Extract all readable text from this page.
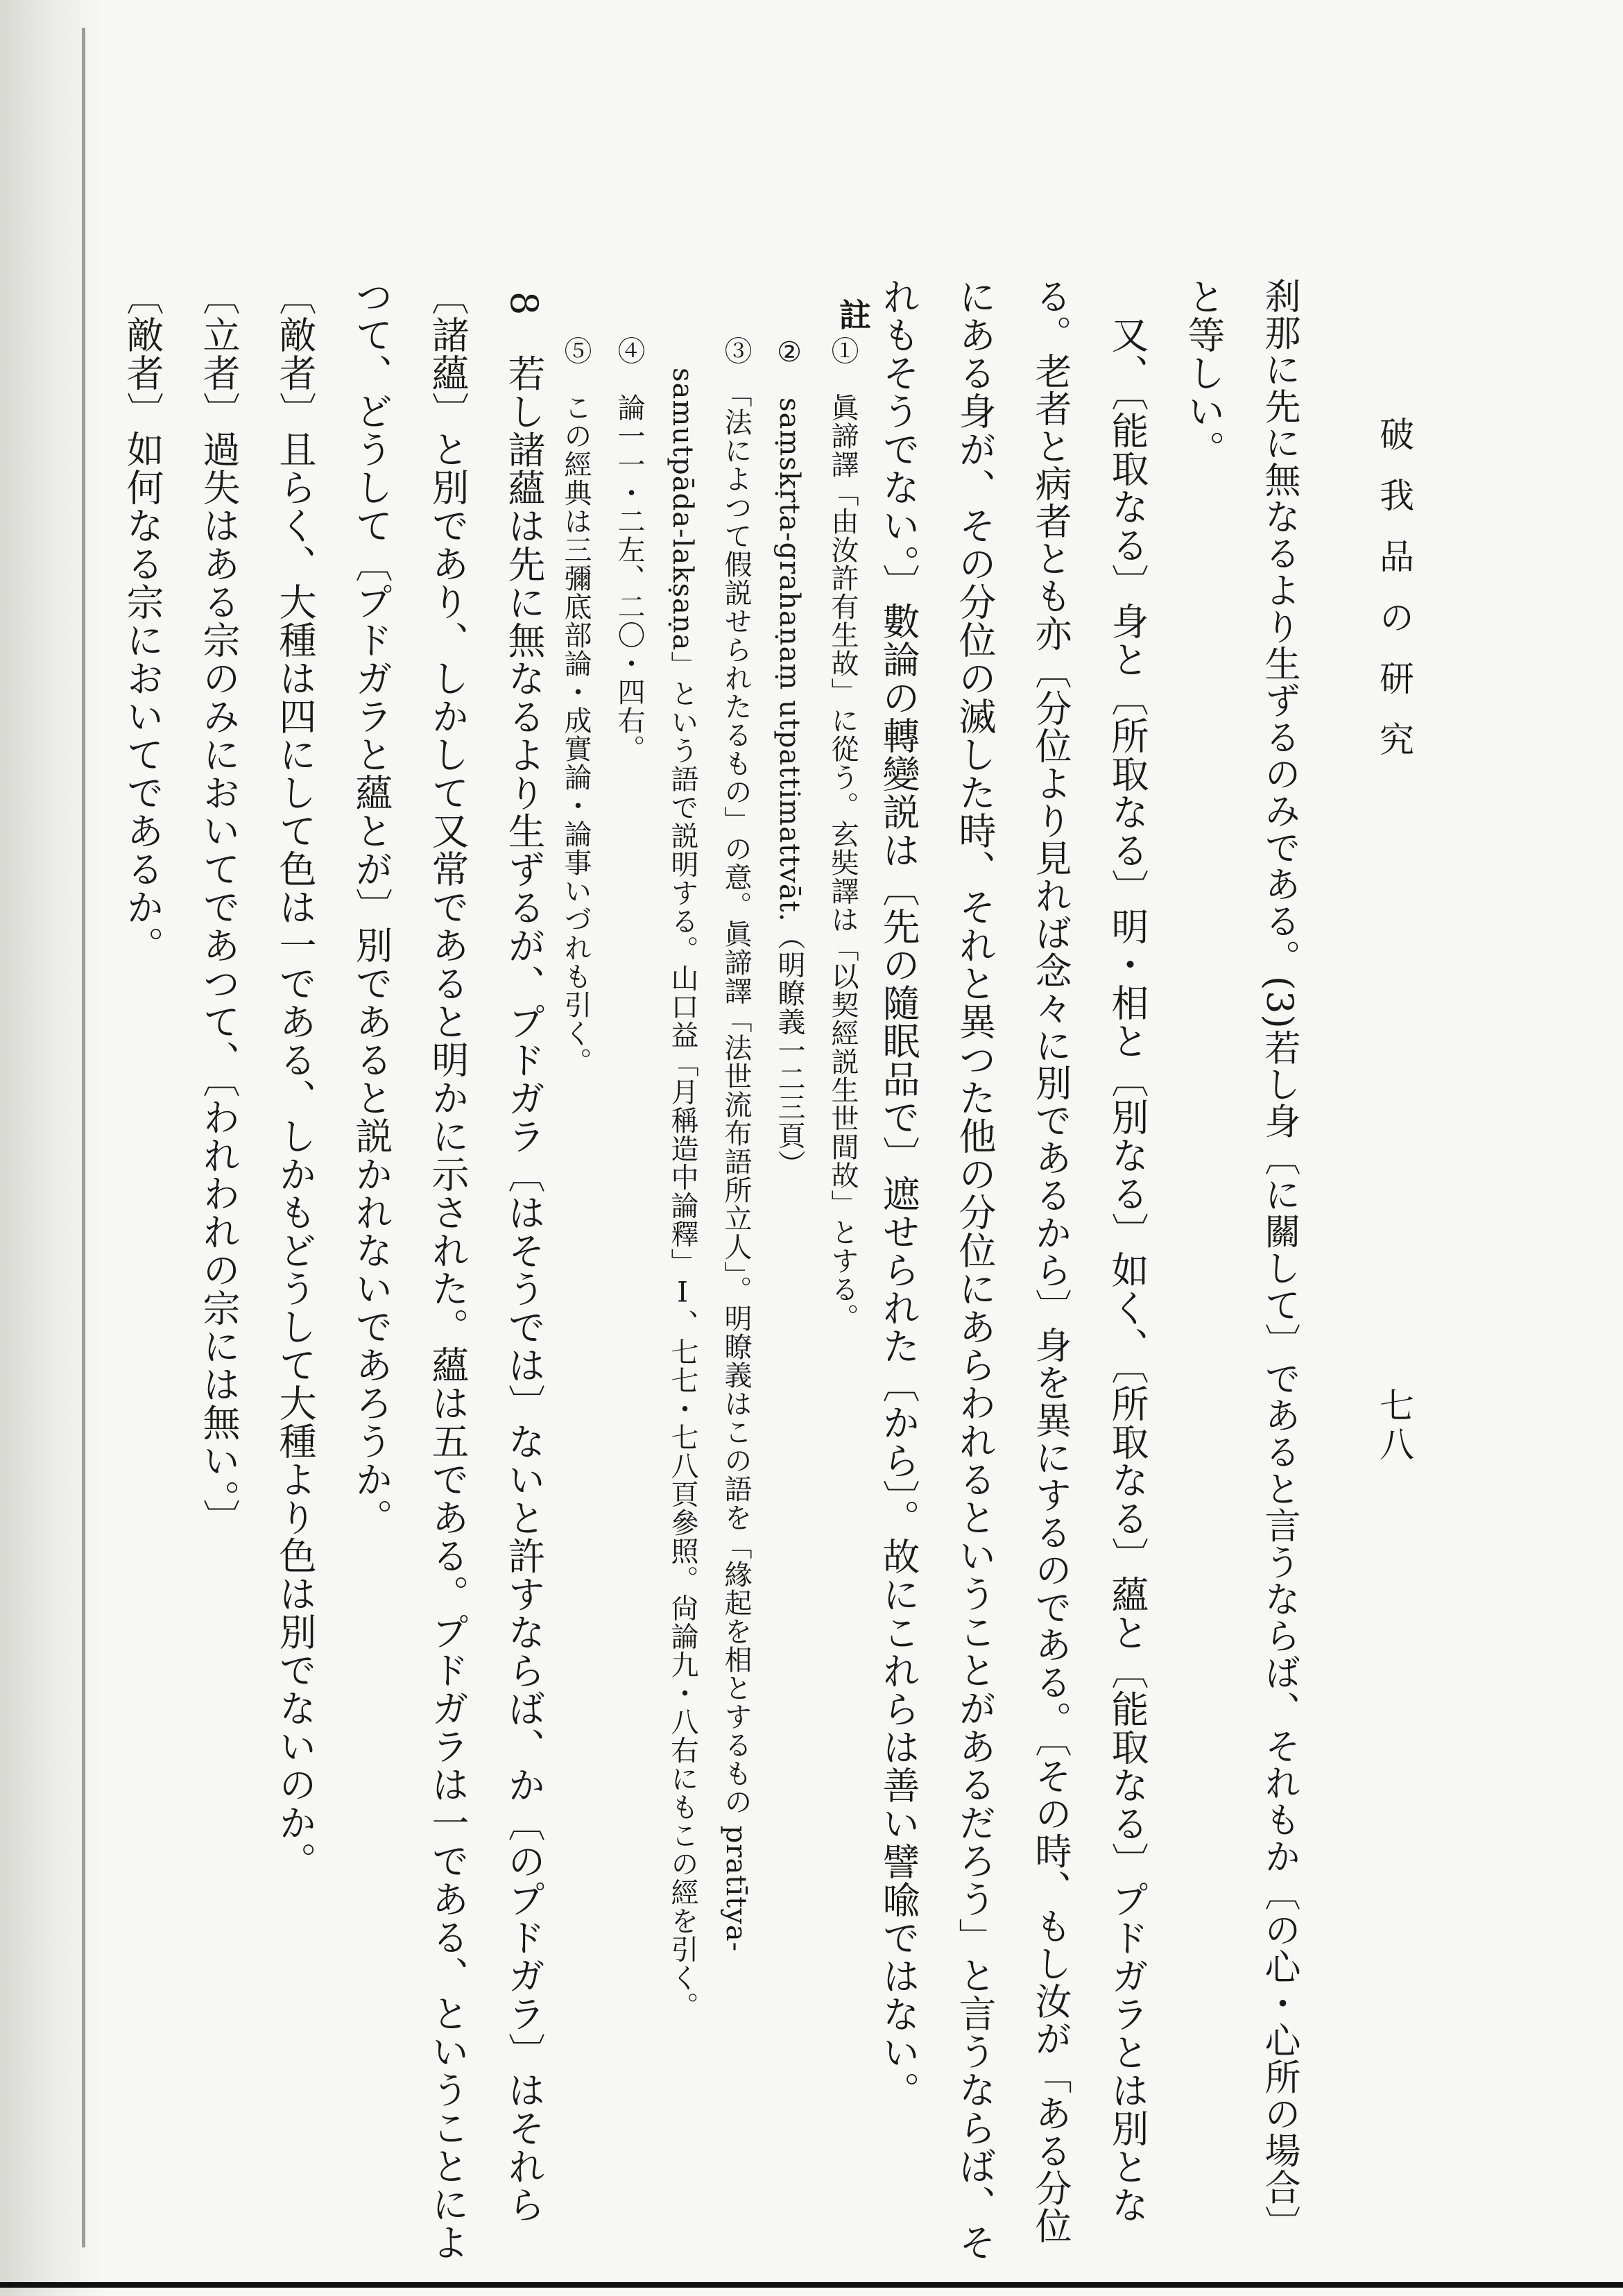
破我品の研究
七八
刹那に先に無なるより生ずるのみである。(3)若し身〔に關して〕であると言うならば、それもか〔の心・心所の場合〕
と等しい。
又、〔能取なる〕身と〔所取なる〕明・相と〔別なる〕如く、〔所取なる〕蘊と〔能取なる〕プドガラとは別とな
る。老者と病者とも亦〔分位より見れば念々に別であるから〕身を異にするのである。〔その時、もし汝が「ある分位
にある身が、その分位の滅した時、それと異つた他の分位にあらわれるということがあるだろう」と言うならば、そ
れもそうでない。〕數論の轉變説は〔先の隨眠品で〕遮せられた〔から〕。故にこれらは善い譬喩ではない。
註
①　眞諦譯「由汝許有生故」に從う。玄奘譯は「以契經説生世間故」とする。
②　saṃskṛta-grahaṇaṃ utpattimattvāt.（明瞭義一二三頁）
③　「法によつて假説せられたるもの」の意。眞諦譯「法世流布語所立人」。明瞭義はこの語を「緣起を相とするもの pratītya-
samutpāda-lakṣaṇa」という語で説明する。山口益「月稱造中論釋」Ⅰ、七七・七八頁參照。尙論九・八右にもこの經を引く。
④　論一一・二左、二〇・四右。
⑤　この經典は三彌底部論・成實論・論事いづれも引く。
8　若し諸蘊は先に無なるより生ずるが、プドガラ〔はそうでは〕ないと許すならば、か〔のプドガラ〕はそれら
〔諸蘊〕と別であり、しかして又常であると明かに示された。蘊は五である。プドガラは一である、ということによ
つて、どうして〔プドガラと蘊とが〕別であると説かれないであろうか。
〔敵者〕且らく、大種は四にして色は一である、しかもどうして大種より色は別でないのか。
〔立者〕過失はある宗のみにおいてであつて、〔われわれの宗には無い。〕
〔敵者〕如何なる宗においてであるか。
